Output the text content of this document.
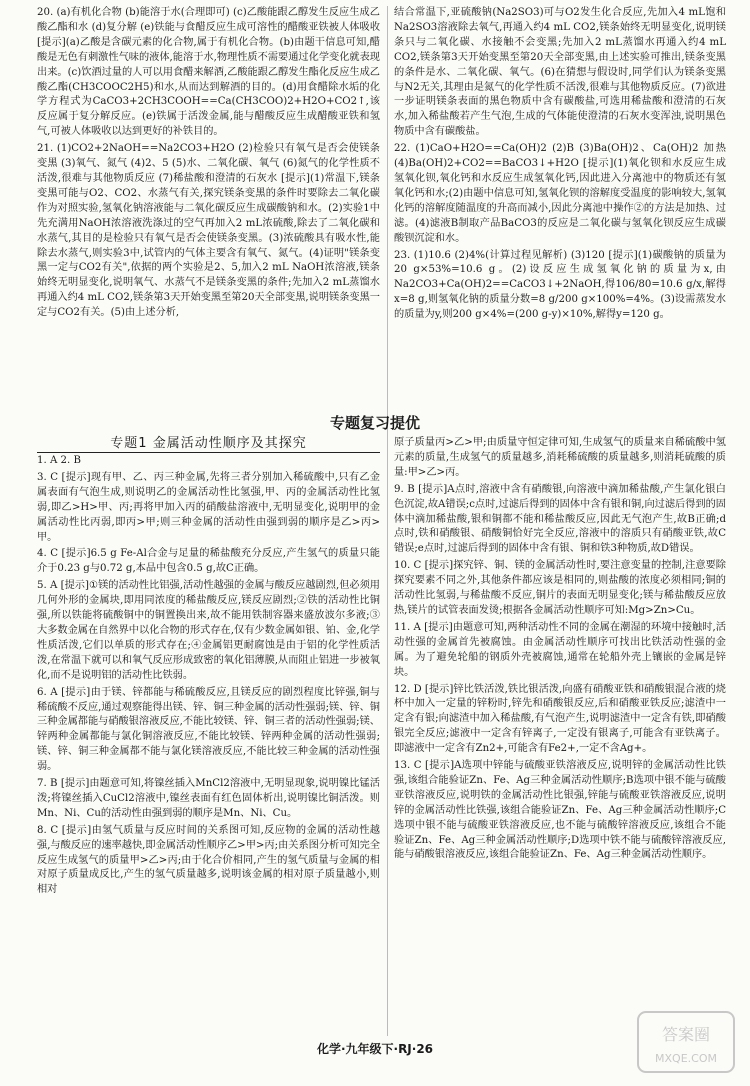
20. (a)有机化合物 (b)能溶于水(合理即可) (c)乙酸能跟乙醇发生反应生成乙酸乙酯和水 (d)复分解 (e)铁能与食醋反应生成可溶性的醋酸亚铁被人体吸收 [提示](a)乙酸是含碳元素的化合物,属于有机化合物。(b)由题干信息可知,醋酸是无色有刺激性气味的液体,能溶于水,物理性质不需要通过化学变化就表现出来。(c)饮酒过量的人可以用食醋来解酒,乙酸能跟乙醇发生酯化反应生成乙酸乙酯(CH3COOC2H5)和水,从而达到解酒的目的。(d)用食醋除水垢的化学方程式为CaCO3+2CH3COOH==Ca(CH3COO)2+H2O+CO2↑,该反应属于复分解反应。(e)铁属于活泼金属,能与醋酸反应生成醋酸亚铁和氢气,可被人体吸收以达到更好的补铁目的。
21. (1)CO2+2NaOH==Na2CO3+H2O (2)检验只有氧气是否会使镁条变黑 (3)氧气、氮气 (4)2、5 (5)水、二氧化碳、氧气 (6)氮气的化学性质不活泼,很难与其他物质反应 (7)稀盐酸和澄清的石灰水 [提示](1)常温下,镁条变黑可能与O2、CO2、水蒸气有关,探究镁条变黑的条件时要除去二氧化碳作为对照实验,氢氧化钠溶液能与二氧化碳反应生成碳酸钠和水。(2)实验1中先充满用NaOH浓溶液洗涤过的空气再加入2 mL浓硫酸,除去了二氧化碳和水蒸气,其目的是检验只有氧气是否会使镁条变黑。(3)浓硫酸具有吸水性,能除去水蒸气,则实验3中,试管内的气体主要含有氧气、氮气。(4)证明"镁条变黑一定与CO2有关",依据的两个实验是2、5,加入2 mL NaOH浓溶液,镁条始终无明显变化,说明氧气、水蒸气不是镁条变黑的条件;先加入2 mL蒸馏水再通入约4 mL CO2,镁条第3天开始变黑至第20天全部变黑,说明镁条变黑一定与CO2有关。(5)由上述分析,
结合常温下,亚硫酸钠(Na2SO3)可与O2发生化合反应,先加入4 mL饱和Na2SO3溶液除去氧气,再通入约4 mL CO2,镁条始终无明显变化,说明镁条只与二氧化碳、水接触不会变黑;先加入2 mL蒸馏水再通入约4 mL CO2,镁条第3天开始变黑至第20天全部变黑,由上述实验可推出,镁条变黑的条件是水、二氧化碳、氧气。(6)在猜想与假设时,同学们认为镁条变黑与N2无关,其理由是氮气的化学性质不活泼,很难与其他物质反应。(7)欲进一步证明镁条表面的黑色物质中含有碳酸盐,可选用稀盐酸和澄清的石灰水,加入稀盐酸若产生气泡,生成的气体能使澄清的石灰水变浑浊,说明黑色物质中含有碳酸盐。
22. (1)CaO+H2O==Ca(OH)2 (2)B (3)Ba(OH)2、Ca(OH)2 加热 (4)Ba(OH)2+CO2==BaCO3↓+H2O [提示](1)氧化钡和水反应生成氢氧化钡,氧化钙和水反应生成氢氧化钙,因此进入分离池中的物质还有氢氧化钙和水;(2)由题中信息可知,氢氧化钡的溶解度受温度的影响较大,氢氧化钙的溶解度随温度的升高而减小,因此分离池中操作②的方法是加热、过滤。(4)滤液B制取产品BaCO3的反应是二氧化碳与氢氧化钡反应生成碳酸钡沉淀和水。
23. (1)10.6 (2)4%(计算过程见解析) (3)120 [提示](1)碳酸钠的质量为20 g×53%=10.6 g。(2)设反应生成氢氧化钠的质量为x,由Na2CO3+Ca(OH)2==CaCO3↓+2NaOH,得106/80=10.6 g/x,解得x=8 g,则氢氧化钠的质量分数=8 g/200 g×100%=4%。(3)设需蒸发水的质量为y,则200 g×4%=(200 g-y)×10%,解得y=120 g。
专题复习提优
专题1 金属活动性顺序及其探究
1. A 2. B
3. C [提示]现有甲、乙、丙三种金属,先将三者分别加入稀硫酸中,只有乙金属表面有气泡生成,则说明乙的金属活动性比氢强,甲、丙的金属活动性比氢弱,即乙>H>甲、丙;再将甲加入丙的硝酸盐溶液中,无明显变化,说明甲的金属活动性比丙弱,即丙>甲;则三种金属的活动性由强到弱的顺序是乙>丙>甲。
4. C [提示]6.5 g Fe-Al合金与足量的稀盐酸充分反应,产生氢气的质量只能介于0.23 g与0.72 g,本品中包含0.5 g,故C正确。
5. A [提示]①镁的活动性比铝强,活动性越强的金属与酸反应越剧烈,但必须用几何外形的金属块,即用同浓度的稀盐酸反应,镁反应剧烈;②铁的活动性比铜强,所以铁能将硫酸铜中的铜置换出来,故不能用铁制容器来盛放波尔多液;③大多数金属在自然界中以化合物的形式存在,仅有少数金属如银、铂、金,化学性质活泼,它们以单质的形式存在;④金属铝更耐腐蚀是由于铝的化学性质活泼,在常温下就可以和氧气反应形成致密的氧化铝薄膜,从而阻止铝进一步被氧化,而不是说明铝的活动性比铁弱。
6. A [提示]由于镁、锌都能与稀硫酸反应,且镁反应的剧烈程度比锌强,铜与稀硫酸不反应,通过观察能得出镁、锌、铜三种金属的活动性强弱;镁、锌、铜三种金属都能与硝酸银溶液反应,不能比较镁、锌、铜三者的活动性强弱;镁、锌两种金属都能与氯化铜溶液反应,不能比较镁、锌两种金属的活动性强弱;镁、锌、铜三种金属都不能与氯化镁溶液反应,不能比较三种金属的活动性强弱。
7. B [提示]由题意可知,将镍丝插入MnCl2溶液中,无明显现象,说明镍比锰活泼;将镍丝插入CuCl2溶液中,镍丝表面有红色固体析出,说明镍比铜活泼。则Mn、Ni、Cu的活动性由强到弱的顺序是Mn、Ni、Cu。
8. C [提示]由氢气质量与反应时间的关系图可知,反应物的金属的活动性越强,与酸反应的速率越快,即金属活动性顺序乙>甲>丙;由关系图分析可知完全反应生成氢气的质量甲>乙>丙;由于化合价相同,产生的氢气质量与金属的相对原子质量成反比,产生的氢气质量越多,说明该金属的相对原子质量越小,则相对
原子质量丙>乙>甲;由质量守恒定律可知,生成氢气的质量来自稀硫酸中氢元素的质量,生成氢气的质量越多,消耗稀硫酸的质量越多,则消耗硫酸的质量:甲>乙>丙。
9. B [提示]A点时,溶液中含有硝酸银,向溶液中滴加稀盐酸,产生氯化银白色沉淀,故A错误;c点时,过滤后得到的固体中含有银和铜,向过滤后得到的固体中滴加稀盐酸,银和铜都不能和稀盐酸反应,因此无气泡产生,故B正确;d点时,铁和硝酸银、硝酸铜恰好完全反应,溶液中的溶质只有硝酸亚铁,故C错误;e点时,过滤后得到的固体中含有银、铜和铁3种物质,故D错误。
10. C [提示]探究锌、铜、镁的金属活动性时,要注意变量的控制,注意要除探究要素不同之外,其他条件都应该是相同的,则盐酸的浓度必须相同;铜的活动性比氢弱,与稀盐酸不反应,铜片的表面无明显变化;镁与稀盐酸反应放热,镁片的试管表面发烫;根据各金属活动性顺序可知:Mg>Zn>Cu。
11. A [提示]由题意可知,两种活动性不同的金属在潮湿的环境中接触时,活动性强的金属首先被腐蚀。由金属活动性顺序可找出比铁活动性强的金属。为了避免轮船的钢质外壳被腐蚀,通常在轮船外壳上镶嵌的金属是锌块。
12. D [提示]锌比铁活泼,铁比银活泼,向盛有硝酸亚铁和硝酸银混合液的烧杯中加入一定量的锌粉时,锌先和硝酸银反应,后和硝酸亚铁反应;滤渣中一定含有银;向滤渣中加入稀盐酸,有气泡产生,说明滤渣中一定含有铁,即硝酸银完全反应;滤液中一定含有锌离子,一定没有银离子,可能含有亚铁离子。即滤液中一定含有Zn2+,可能含有Fe2+,一定不含Ag+。
13. C [提示]A选项中锌能与硫酸亚铁溶液反应,说明锌的金属活动性比铁强,该组合能验证Zn、Fe、Ag三种金属活动性顺序;B选项中银不能与硫酸亚铁溶液反应,说明铁的金属活动性比银强,锌能与硫酸亚铁溶液反应,说明锌的金属活动性比铁强,该组合能验证Zn、Fe、Ag三种金属活动性顺序;C选项中银不能与硫酸亚铁溶液反应,也不能与硫酸锌溶液反应,该组合不能验证Zn、Fe、Ag三种金属活动性顺序;D选项中铁不能与硫酸锌溶液反应,能与硝酸银溶液反应,该组合能验证Zn、Fe、Ag三种金属活动性顺序。
化学·九年级下·RJ·26
答案圈
MXQE.COM
